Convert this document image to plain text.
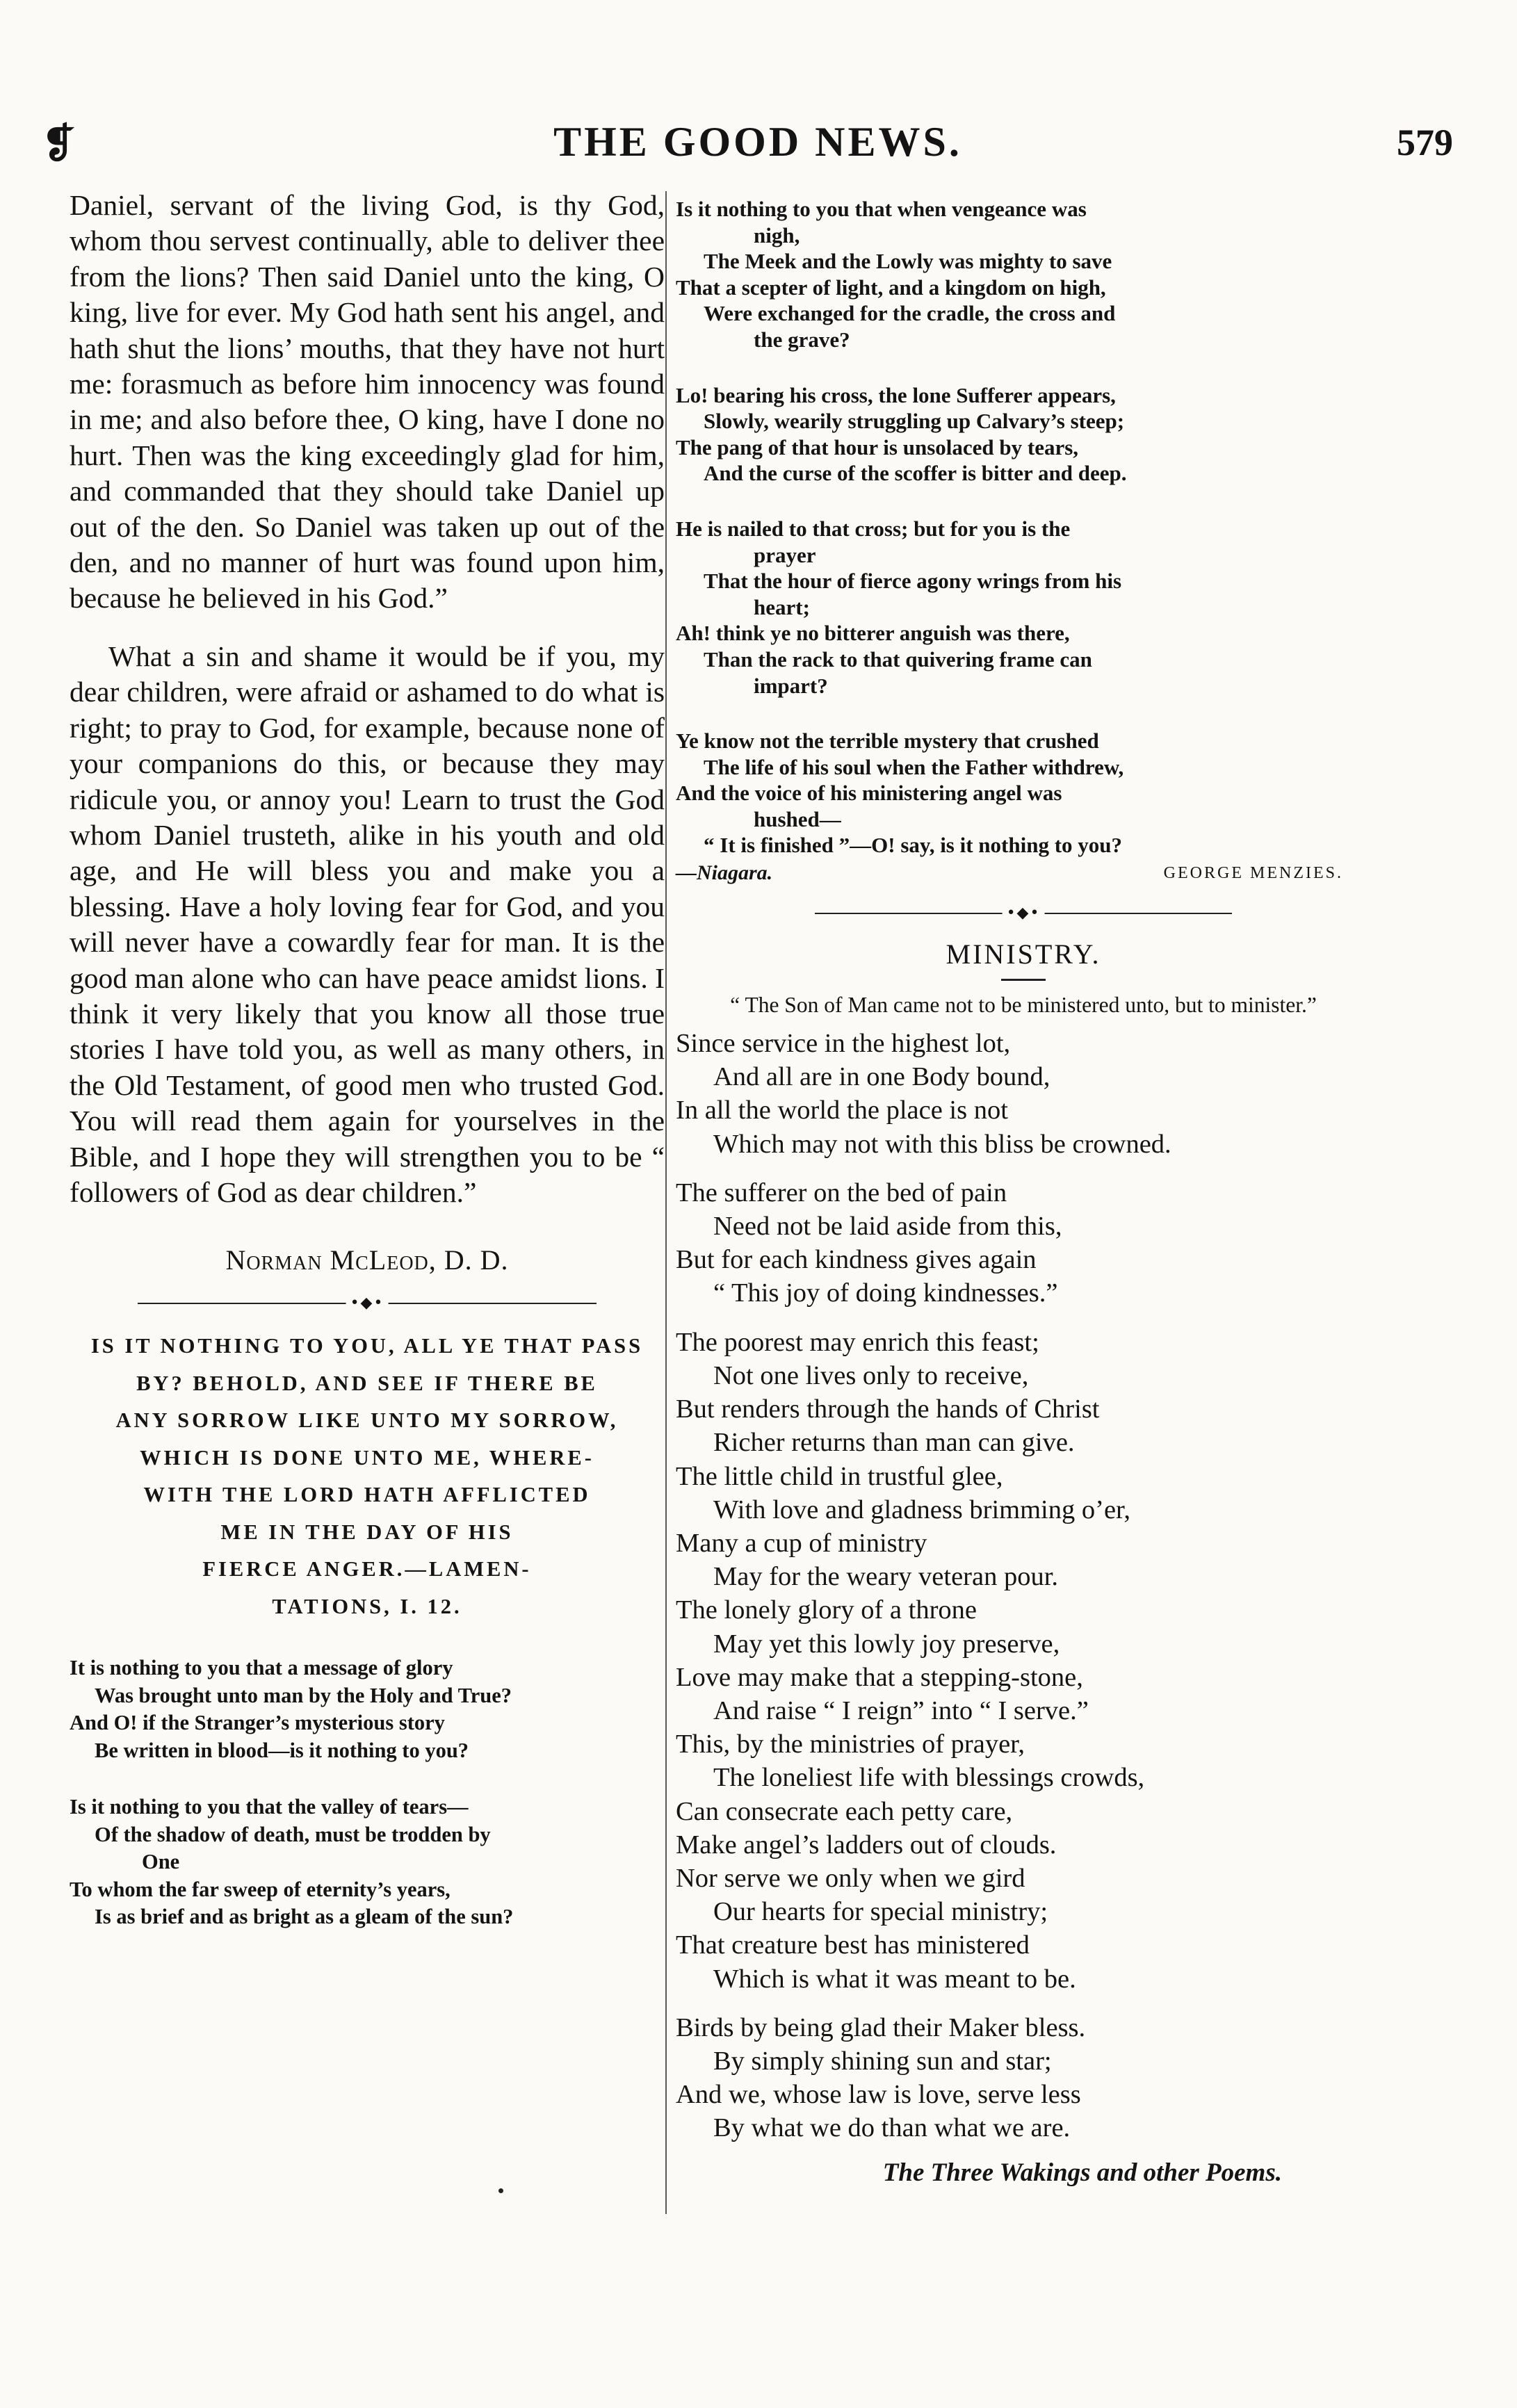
❡	THE GOOD NEWS.	579

Daniel, servant of the living God, is thy God, whom thou servest continually, able to deliver thee from the lions? Then said Daniel unto the king, O king, live for ever. My God hath sent his angel, and hath shut the lions’ mouths, that they have not hurt me: forasmuch as before him innocency was found in me; and also before thee, O king, have I done no hurt. Then was the king exceedingly glad for him, and commanded that they should take Daniel up out of the den. So Daniel was taken up out of the den, and no manner of hurt was found upon him, because he believed in his God.”

What a sin and shame it would be if you, my dear children, were afraid or ashamed to do what is right; to pray to God, for example, because none of your companions do this, or because they may ridicule you, or annoy you! Learn to trust the God whom Daniel trusteth, alike in his youth and old age, and He will bless you and make you a blessing. Have a holy loving fear for God, and you will never have a cowardly fear for man. It is the good man alone who can have peace amidst lions. I think it very likely that you know all those true stories I have told you, as well as many others, in the Old Testament, of good men who trusted God. You will read them again for yourselves in the Bible, and I hope they will strengthen you to be “ followers of God as dear children.”

Norman McLeod, D. D.
•◆•

IS IT NOTHING TO YOU, ALL YE THAT PASS

BY? BEHOLD, AND SEE IF THERE BE

ANY SORROW LIKE UNTO MY SORROW,

WHICH IS DONE UNTO ME, WHERE-

WITH THE LORD HATH AFFLICTED

ME IN THE DAY OF HIS

FIERCE ANGER.—LAMEN-

TATIONS, I. 12.

It is nothing to you that a message of glory
Was brought unto man by the Holy and True?
And O! if the Stranger’s mysterious story
Be written in blood—is it nothing to you?
Is it nothing to you that the valley of tears—
Of the shadow of death, must be trodden by
One
To whom the far sweep of eternity’s years,
Is as brief and as bright as a gleam of the sun?
Is it nothing to you that when vengeance was
nigh,
The Meek and the Lowly was mighty to save
That a scepter of light, and a kingdom on high,
Were exchanged for the cradle, the cross and
the grave?
Lo! bearing his cross, the lone Sufferer appears,
Slowly, wearily struggling up Calvary’s steep;
The pang of that hour is unsolaced by tears,
And the curse of the scoffer is bitter and deep.
He is nailed to that cross; but for you is the
prayer
That the hour of fierce agony wrings from his
heart;
Ah! think ye no bitterer anguish was there,
Than the rack to that quivering frame can
impart?
Ye know not the terrible mystery that crushed
The life of his soul when the Father withdrew,
And the voice of his ministering angel was
hushed—
“ It is finished ”—O! say, is it nothing to you?
—Niagara.	GEORGE MENZIES.
•◆•
MINISTRY.
“ The Son of Man came not to be ministered unto, but to minister.”
Since service in the highest lot,
And all are in one Body bound,
In all the world the place is not
Which may not with this bliss be crowned.
The sufferer on the bed of pain
Need not be laid aside from this,
But for each kindness gives again
“ This joy of doing kindnesses.”
The poorest may enrich this feast;
Not one lives only to receive,
But renders through the hands of Christ
Richer returns than man can give.
The little child in trustful glee,
With love and gladness brimming o’er,
Many a cup of ministry
May for the weary veteran pour.
The lonely glory of a throne
May yet this lowly joy preserve,
Love may make that a stepping-stone,
And raise “ I reign” into “ I serve.”
This, by the ministries of prayer,
The loneliest life with blessings crowds,
Can consecrate each petty care,
Make angel’s ladders out of clouds.
Nor serve we only when we gird
Our hearts for special ministry;
That creature best has ministered
Which is what it was meant to be.
Birds by being glad their Maker bless.
By simply shining sun and star;
And we, whose law is love, serve less
By what we do than what we are.
The Three Wakings and other Poems.
